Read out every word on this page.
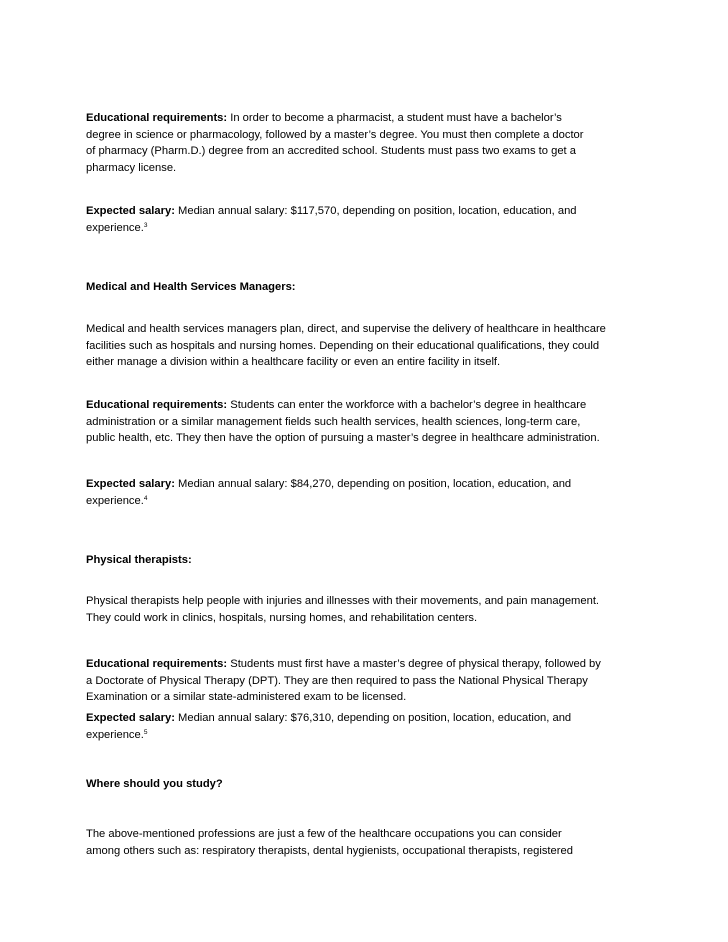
Educational requirements: In order to become a pharmacist, a student must have a bachelor’s
degree in science or pharmacology, followed by a master’s degree. You must then complete a doctor
of pharmacy (Pharm.D.) degree from an accredited school. Students must pass two exams to get a
pharmacy license.

Expected salary: Median annual salary: $117,570, depending on position, location, education, and
experience.$^3$

Medical and Health Services Managers:

Medical and health services managers plan, direct, and supervise the delivery of healthcare in healthcare
facilities such as hospitals and nursing homes. Depending on their educational qualifications, they could
either manage a division within a healthcare facility or even an entire facility in itself.

Educational requirements: Students can enter the workforce with a bachelor’s degree in healthcare
administration or a similar management fields such health services, health sciences, long-term care,
public health, etc. They then have the option of pursuing a master’s degree in healthcare administration.

Expected salary: Median annual salary: $84,270, depending on position, location, education, and
experience.$^4$

Physical therapists:

Physical therapists help people with injuries and illnesses with their movements, and pain management.
They could work in clinics, hospitals, nursing homes, and rehabilitation centers.

Educational requirements: Students must first have a master’s degree of physical therapy, followed by
a Doctorate of Physical Therapy (DPT). They are then required to pass the National Physical Therapy
Examination or a similar state-administered exam to be licensed.

Expected salary: Median annual salary: $76,310, depending on position, location, education, and
experience.$^5$

Where should you study?

The above-mentioned professions are just a few of the healthcare occupations you can consider
among others such as: respiratory therapists, dental hygienists, occupational therapists, registered
